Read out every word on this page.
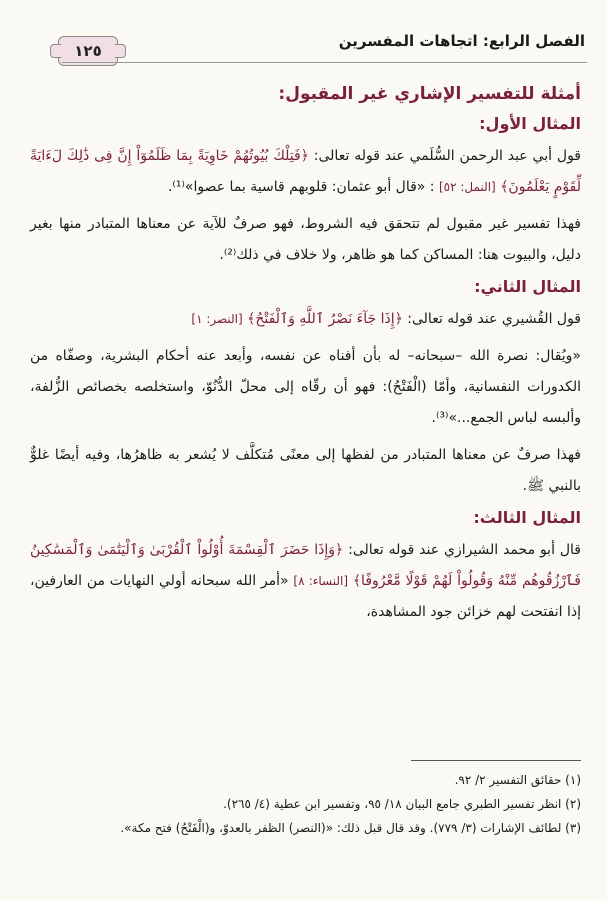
الفصل الرابع: اتجاهات المفسرين
١٢٥
أمثلة للتفسير الإشاري غير المقبول:
المثال الأول:

قول أبي عبد الرحمن السُّلَمي عند قوله تعالى: ﴿فَتِلْكَ بُيُوتُهُمْ خَاوِيَةً بِمَا ظَلَمُوٓاْ إِنَّ فِى ذَٰلِكَ لَءَايَةً لِّقَوْمٍ يَعْلَمُونَ﴾ [النمل: ٥٢] : «قال أبو عثمان: قلوبهم قاسية بما عصوا»⁽¹⁾.

فهذا تفسير غير مقبول لم تتحقق فيه الشروط، فهو صرفٌ للآية عن معناها المتبادر منها بغير دليل، والبيوت هنا: المساكن كما هو ظاهر، ولا خلاف في ذلك⁽²⁾.

المثال الثاني:

قول القُشيري عند قوله تعالى: ﴿إِذَا جَآءَ نَصْرُ ٱللَّهِ وَٱلْفَتْحُ﴾ [النصر: ١]

«ويُقال: نصرة الله –سبحانه– له بأن أفناه عن نفسه، وأبعد عنه أحكام البشرية، وصفّاه من الكدورات النفسانية، وأمّا (الْفَتْحُ): فهو أن رقّاه إلى محلّ الدُّنُوّ، واستخلصه بخصائص الزُّلفة، وألبسه لباس الجمع...»⁽³⁾.

فهذا صرفٌ عن معناها المتبادر من لفظها إلى معنًى مُتكلَّف لا يُشعر به ظاهرُها، وفيه أيضًا غلوٌّ بالنبي ﷺ.

المثال الثالث:

قال أبو محمد الشيرازي عند قوله تعالى: ﴿وَإِذَا حَضَرَ ٱلْقِسْمَةَ أُوْلُواْ ٱلْقُرْبَىٰ وَٱلْيَتَٰمَىٰ وَٱلْمَسَٰكِينُ فَٱرْزُقُوهُم مِّنْهُ وَقُولُواْ لَهُمْ قَوْلًا مَّعْرُوفًا﴾ [النساء: ٨] «أمر الله سبحانه أولي النهايات من العارفين، إذا انفتحت لهم خزائن جود المشاهدة،

(١) حقائق التفسير ٢/ ٩٢.

(٢) انظر تفسير الطبري جامع البيان ١٨/ ٩٥، وتفسير ابن عطية (٤/ ٢٦٥).

(٣) لطائف الإشارات (٣/ ٧٧٩). وقد قال قبل ذلك: «(النصر) الظفر بالعدوّ، و(الْفَتْحُ) فتح مكة».
